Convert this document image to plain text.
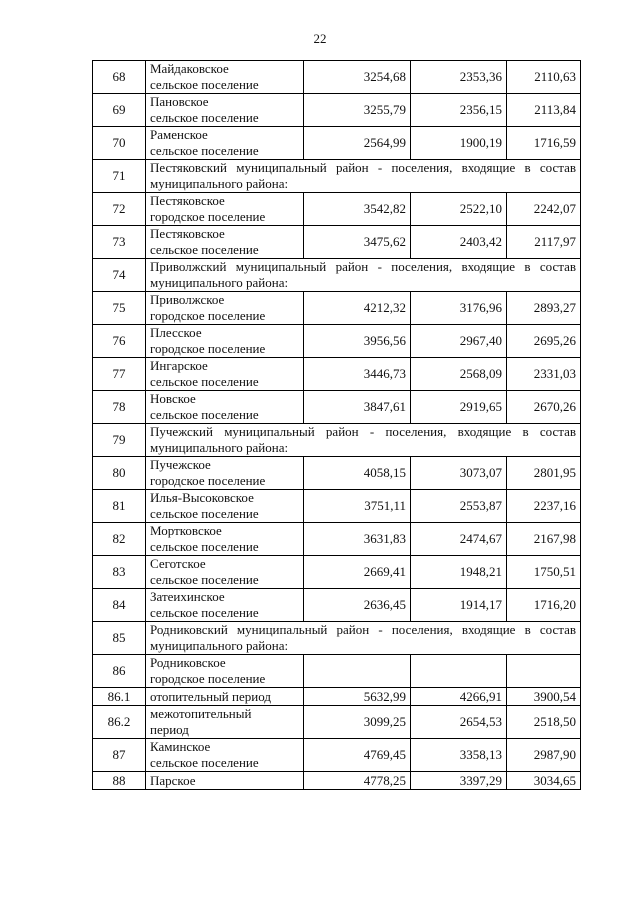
22
68	Майдаковское
сельское поселение	3254,68	2353,36	2110,63
69	Пановское
сельское поселение	3255,79	2356,15	2113,84
70	Раменское
сельское поселение	2564,99	1900,19	1716,59
71	Пестяковский муниципальный район - поселения, входящие в состав муниципального района:			
72	Пестяковское
городское поселение	3542,82	2522,10	2242,07
73	Пестяковское
сельское поселение	3475,62	2403,42	2117,97
74	Приволжский муниципальный район - поселения, входящие в состав муниципального района:			
75	Приволжское
городское поселение	4212,32	3176,96	2893,27
76	Плесское
городское поселение	3956,56	2967,40	2695,26
77	Ингарское
сельское поселение	3446,73	2568,09	2331,03
78	Новское
сельское поселение	3847,61	2919,65	2670,26
79	Пучежский муниципальный район - поселения, входящие в состав муниципального района:			
80	Пучежское
городское поселение	4058,15	3073,07	2801,95
81	Илья-Высоковское
сельское поселение	3751,11	2553,87	2237,16
82	Мортковское
сельское поселение	3631,83	2474,67	2167,98
83	Сеготское
сельское поселение	2669,41	1948,21	1750,51
84	Затеихинское
сельское поселение	2636,45	1914,17	1716,20
85	Родниковский муниципальный район - поселения, входящие в состав муниципального района:			
86	Родниковское
городское поселение			
86.1	отопительный период	5632,99	4266,91	3900,54
86.2	межотопительный
период	3099,25	2654,53	2518,50
87	Каминское
сельское поселение	4769,45	3358,13	2987,90
88	Парское	4778,25	3397,29	3034,65
